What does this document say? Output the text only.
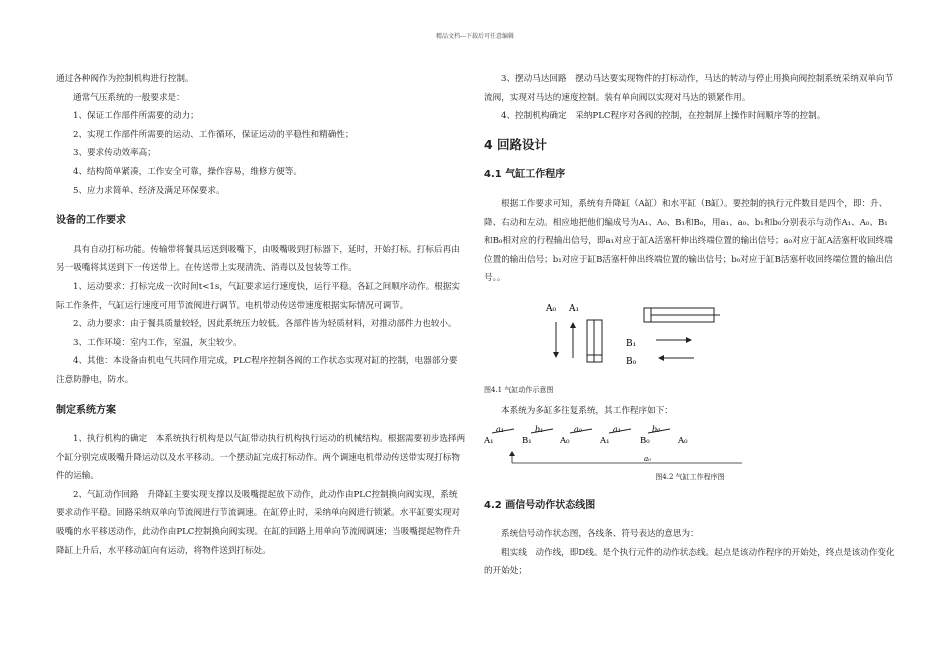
精品文档---下载后可任意编辑

通过各种阀作为控制机构进行控制。

通常气压系统的一般要求是：

1、保证工作部件所需要的动力；

2、实现工作部件所需要的运动、工作循环，保证运动的平稳性和精确性；

3、要求传动效率高；

4、结构简单紧凑，工作安全可靠，操作容易，维修方便等。

5、应力求简单、经济及满足环保要求。

设备的工作要求

具有自动打标功能。传输带将餐具运送到吸嘴下，由吸嘴吸到打标器下，延时，开始打标。打标后再由另一吸嘴将其送到下一传送带上。在传送带上实现清洗、消毒以及包装等工作。

1、运动要求：打标完成一次时间t<1s，气缸要求运行速度快，运行平稳。各缸之间顺序动作。根据实际工作条件，气缸运行速度可用节流阀进行调节。电机带动传送带速度根据实际情况可调节。

2、动力要求：由于餐具质量较轻，因此系统压力较低。各部件皆为轻质材料，对推动部件力也较小。

3、工作环境：室内工作，室温，灰尘较少。

4、其他：本设备由机电气共同作用完成，PLC程序控制各阀的工作状态实现对缸的控制，电器部分要注意防静电，防水。

制定系统方案

1、执行机构的确定　本系统执行机构是以气缸带动执行机构执行运动的机械结构。根据需要初步选择两个缸分别完成吸嘴升降运动以及水平移动。一个摆动缸完成打标动作。两个调速电机带动传送带实现打标物件的运输。

2、气缸动作回路　升降缸主要实现支撑以及吸嘴提起放下动作，此动作由PLC控制换向阀实现，系统要求动作平稳。回路采纳双单向节流阀进行节流调速。在缸停止时，采纳单向阀进行锁紧。水平缸要实现对吸嘴的水平移送动作，此动作由PLC控制换向阀实现。在缸的回路上用单向节流阀调速；当吸嘴提起物件升降缸上升后，水平移动缸向有运动，将物件送到打标处。

3、摆动马达回路　摆动马达要实现物件的打标动作，马达的转动与停止用换向阀控制系统采纳双单向节流阀，实现对马达的速度控制。装有单向阀以实现对马达的锁紧作用。

4、控制机构确定　采纳PLC程序对各阀的控制，在控制屏上操作时间顺序等的控制。

4 回路设计

4.1 气缸工作程序

根据工作要求可知，系统有升降缸（A缸）和水平缸（B缸）。要控制的执行元件数目是四个，即：升、降、右动和左动。相应地把他们编成号为A₁、A₀、B₁和B₀，用a₁、a₀、b₁和b₀分别表示与动作A₁、A₀、B₁和B₀相对应的行程输出信号，即a₁对应于缸A活塞杆伸出终端位置的输出信号；a₀对应于缸A活塞杆收回终端位置的输出信号；b₁对应于缸B活塞杆伸出终端位置的输出信号；b₀对应于缸B活塞杆收回终端位置的输出信号。。

A₀ A₁
B₁
B₀

图4.1 气缸动作示意图

本系统为多缸多往复系统，其工作程序如下：

A₁	B₁	A₀	A₁	B₀	A₀
a₁	b₁	a₀	a₁	b₀
a₀

图4.2 气缸工作程序图

4.2 画信号动作状态线图

系统信号动作状态图，各线条、符号表达的意思为：

粗实线　动作线，即D线。是个执行元件的动作状态线。起点是该动作程序的开始处，终点是该动作变化的开始处；
